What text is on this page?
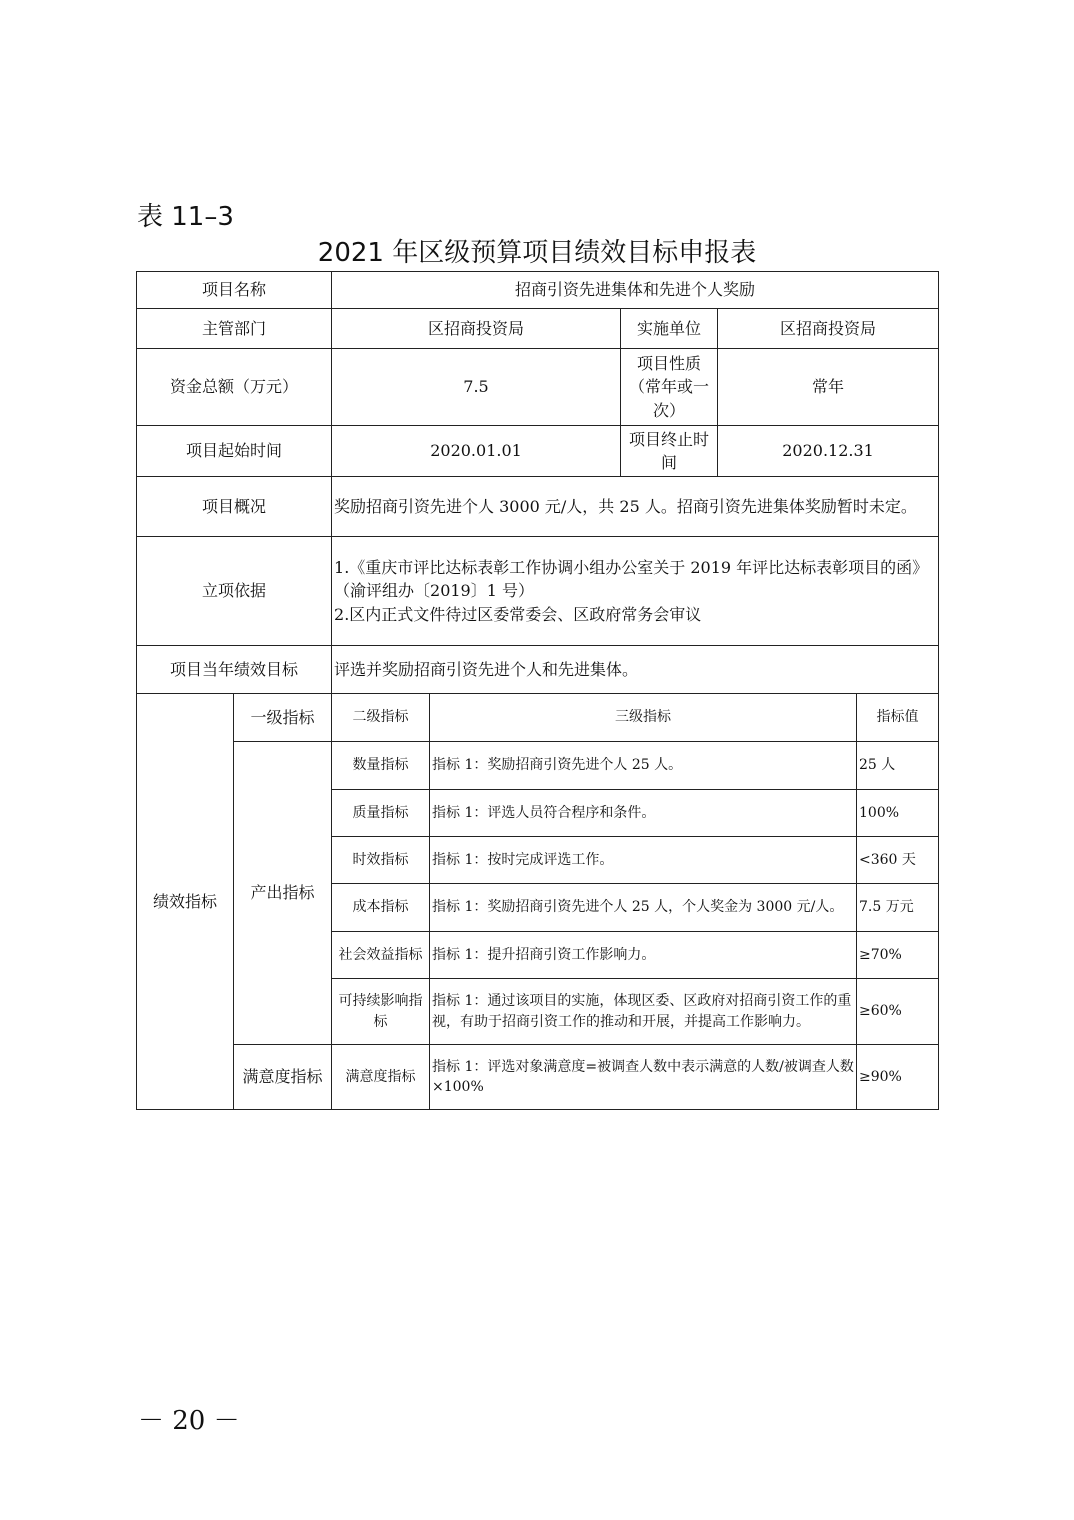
表 11–3
2021 年区级预算项目绩效目标申报表
项目名称		招商引资先进集体和先进个人奖励				
主管部门		区招商投资局		实施单位	区招商投资局	
资金总额（万元）		7.5		项目性质（常年或一次）	常年	
项目起始时间		2020.01.01		项目终止时间	2020.12.31	
项目概况		奖励招商引资先进个人 3000 元/人，共 25 人。招商引资先进集体奖励暂时未定。				
立项依据		1.《重庆市评比达标表彰工作协调小组办公室关于 2019 年评比达标表彰项目的函》（渝评组办〔2019〕1 号）
2.区内正式文件待过区委常委会、区政府常务会审议				

项目当年绩效目标		评选并奖励招商引资先进个人和先进集体。				
绩效指标	一级指标	二级指标	三级指标			指标值
	产出指标	数量指标	指标 1：奖励招商引资先进个人 25 人。			25 人
		质量指标	指标 1：评选人员符合程序和条件。			100%
		时效指标	指标 1：按时完成评选工作。			<360 天
		成本指标	指标 1：奖励招商引资先进个人 25 人，个人奖金为 3000 元/人。			7.5 万元
		社会效益指标	指标 1：提升招商引资工作影响力。			≥70%
		可持续影响指标	指标 1：通过该项目的实施，体现区委、区政府对招商引资工作的重视，有助于招商引资工作的推动和开展，并提高工作影响力。			≥60%
	满意度指标	满意度指标	指标 1：评选对象满意度=被调查人数中表示满意的人数/被调查人数×100%			≥90%
－ 20 －
